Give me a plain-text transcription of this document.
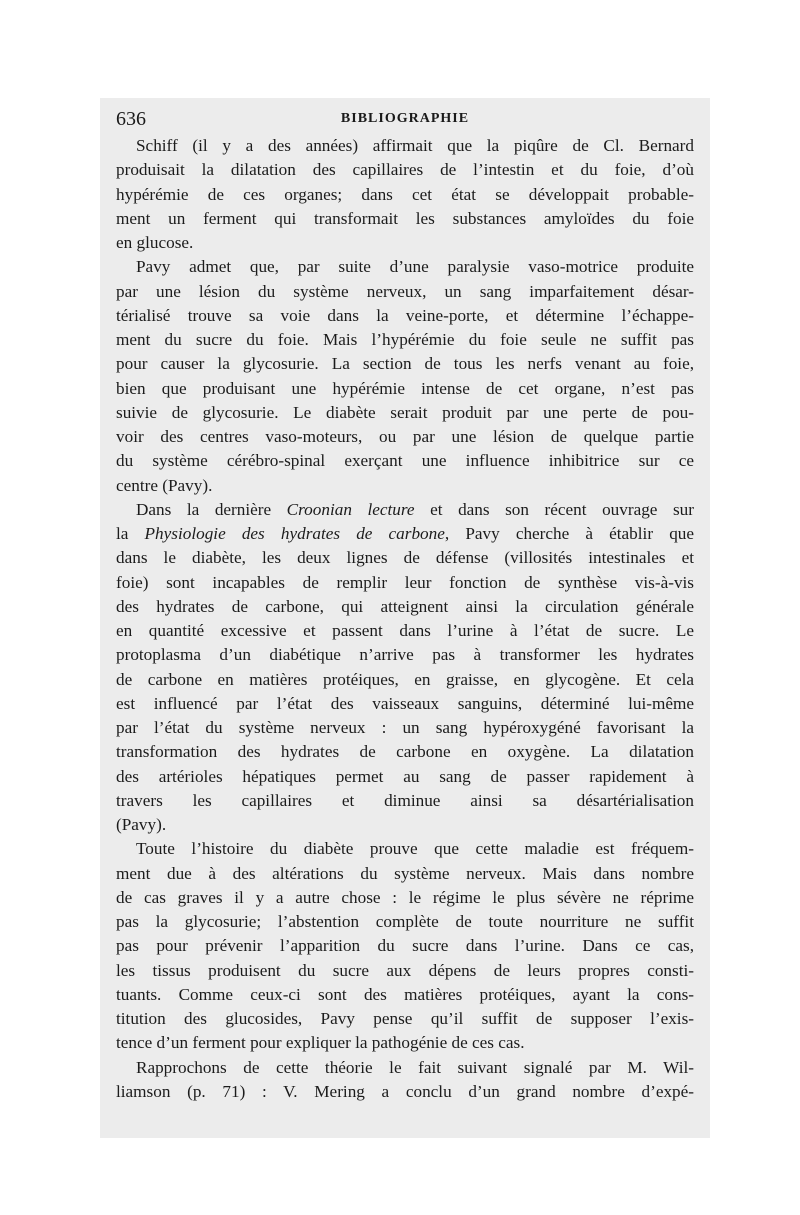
636	BIBLIOGRAPHIE

Schiff (il y a des années) affirmait que la piqûre de Cl. Bernard
produisait la dilatation des capillaires de l’intestin et du foie, d’où
hypérémie de ces organes; dans cet état se développait probable-
ment un ferment qui transformait les substances amyloïdes du foie
en glucose.

Pavy admet que, par suite d’une paralysie vaso-motrice produite
par une lésion du système nerveux, un sang imparfaitement désar-
térialisé trouve sa voie dans la veine-porte, et détermine l’échappe-
ment du sucre du foie. Mais l’hypérémie du foie seule ne suffit pas
pour causer la glycosurie. La section de tous les nerfs venant au foie,
bien que produisant une hypérémie intense de cet organe, n’est pas
suivie de glycosurie. Le diabète serait produit par une perte de pou-
voir des centres vaso-moteurs, ou par une lésion de quelque partie
du système cérébro-spinal exerçant une influence inhibitrice sur ce
centre (Pavy).

Dans la dernière Croonian lecture et dans son récent ouvrage sur
la Physiologie des hydrates de carbone, Pavy cherche à établir que
dans le diabète, les deux lignes de défense (villosités intestinales et
foie) sont incapables de remplir leur fonction de synthèse vis-à-vis
des hydrates de carbone, qui atteignent ainsi la circulation générale
en quantité excessive et passent dans l’urine à l’état de sucre. Le
protoplasma d’un diabétique n’arrive pas à transformer les hydrates
de carbone en matières protéiques, en graisse, en glycogène. Et cela
est influencé par l’état des vaisseaux sanguins, déterminé lui-même
par l’état du système nerveux : un sang hypéroxygéné favorisant la
transformation des hydrates de carbone en oxygène. La dilatation
des artérioles hépatiques permet au sang de passer rapidement à
travers les capillaires et diminue ainsi sa désartérialisation
(Pavy).

Toute l’histoire du diabète prouve que cette maladie est fréquem-
ment due à des altérations du système nerveux. Mais dans nombre
de cas graves il y a autre chose : le régime le plus sévère ne réprime
pas la glycosurie; l’abstention complète de toute nourriture ne suffit
pas pour prévenir l’apparition du sucre dans l’urine. Dans ce cas,
les tissus produisent du sucre aux dépens de leurs propres consti-
tuants. Comme ceux-ci sont des matières protéiques, ayant la cons-
titution des glucosides, Pavy pense qu’il suffit de supposer l’exis-
tence d’un ferment pour expliquer la pathogénie de ces cas.

Rapprochons de cette théorie le fait suivant signalé par M. Wil-
liamson (p. 71) : V. Mering a conclu d’un grand nombre d’expé-
